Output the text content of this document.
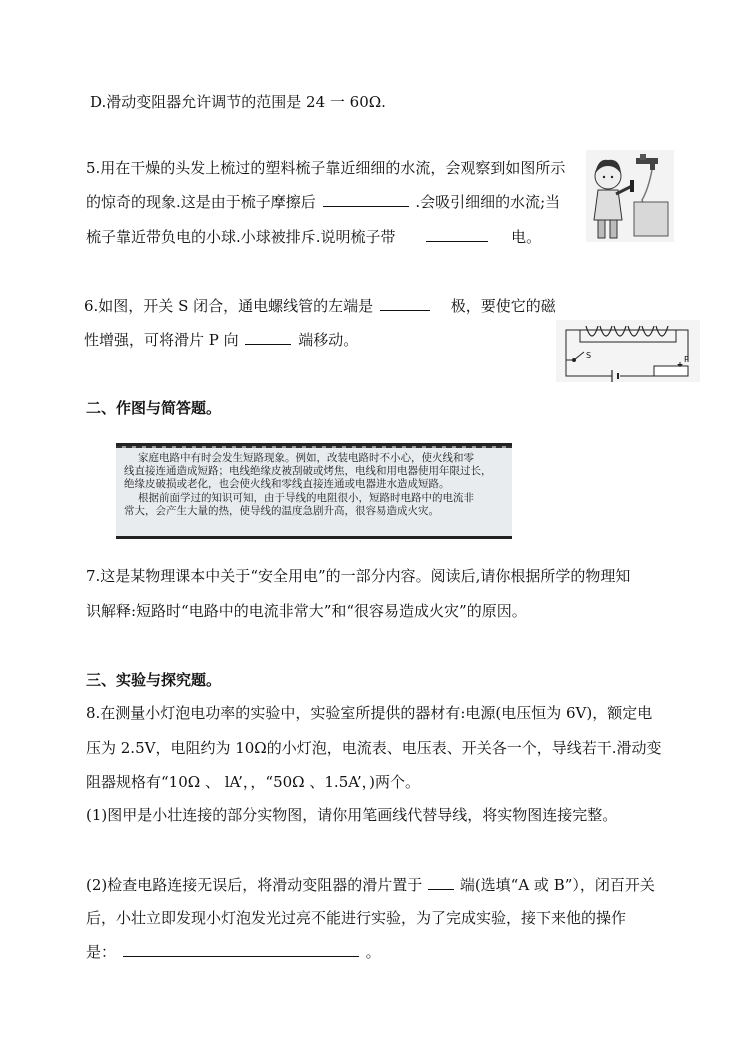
D.滑动变阻器允许调节的范围是 24 一 60Ω.
5.用在干燥的头发上梳过的塑料梳子靠近细细的水流，会观察到如图所示
的惊奇的现象.这是由于梳子摩擦后	.会吸引细细的水流;当
梳子靠近带负电的小球.小球被排斥.说明梳子带	电。
6.如图，开关 S 闭合，通电螺线管的左端是	极，要使它的磁
性增强，可将滑片 P 向	端移动。
S	P
二、作图与简答题。
家庭电路中有时会发生短路现象。例如，改装电路时不小心，使火线和零
线直接连通造成短路；电线绝缘皮被刮破或烤焦，电线和用电器使用年限过长，
绝缘皮破损或老化，也会使火线和零线直接连通或电器进水造成短路。
根据前面学过的知识可知，由于导线的电阻很小，短路时电路中的电流非
常大，会产生大量的热，使导线的温度急剧升高，很容易造成火灾。
7.这是某物理课本中关于“安全用电”的一部分内容。阅读后,请你根据所学的物理知
识解释:短路时“电路中的电流非常大”和“很容易造成火灾”的原因。
三、实验与探究题。
8.在测量小灯泡电功率的实验中，实验室所提供的器材有:电源(电压恒为 6V)，额定电
压为 2.5V，电阻约为 10Ω的小灯泡，电流表、电压表、开关各一个，导线若干.滑动变
阻器规格有“10Ω 、 lA’，，“50Ω 、1.5A’，)两个。
(1)图甲是小壮连接的部分实物图，请你用笔画线代替导线，将实物图连接完整。
(2)检查电路连接无误后，将滑动变阻器的滑片置于	端(选填“A 或 B”），闭百开关
后，小壮立即发现小灯泡发光过亮不能进行实验，为了完成实验，接下来他的操作
是：	。
